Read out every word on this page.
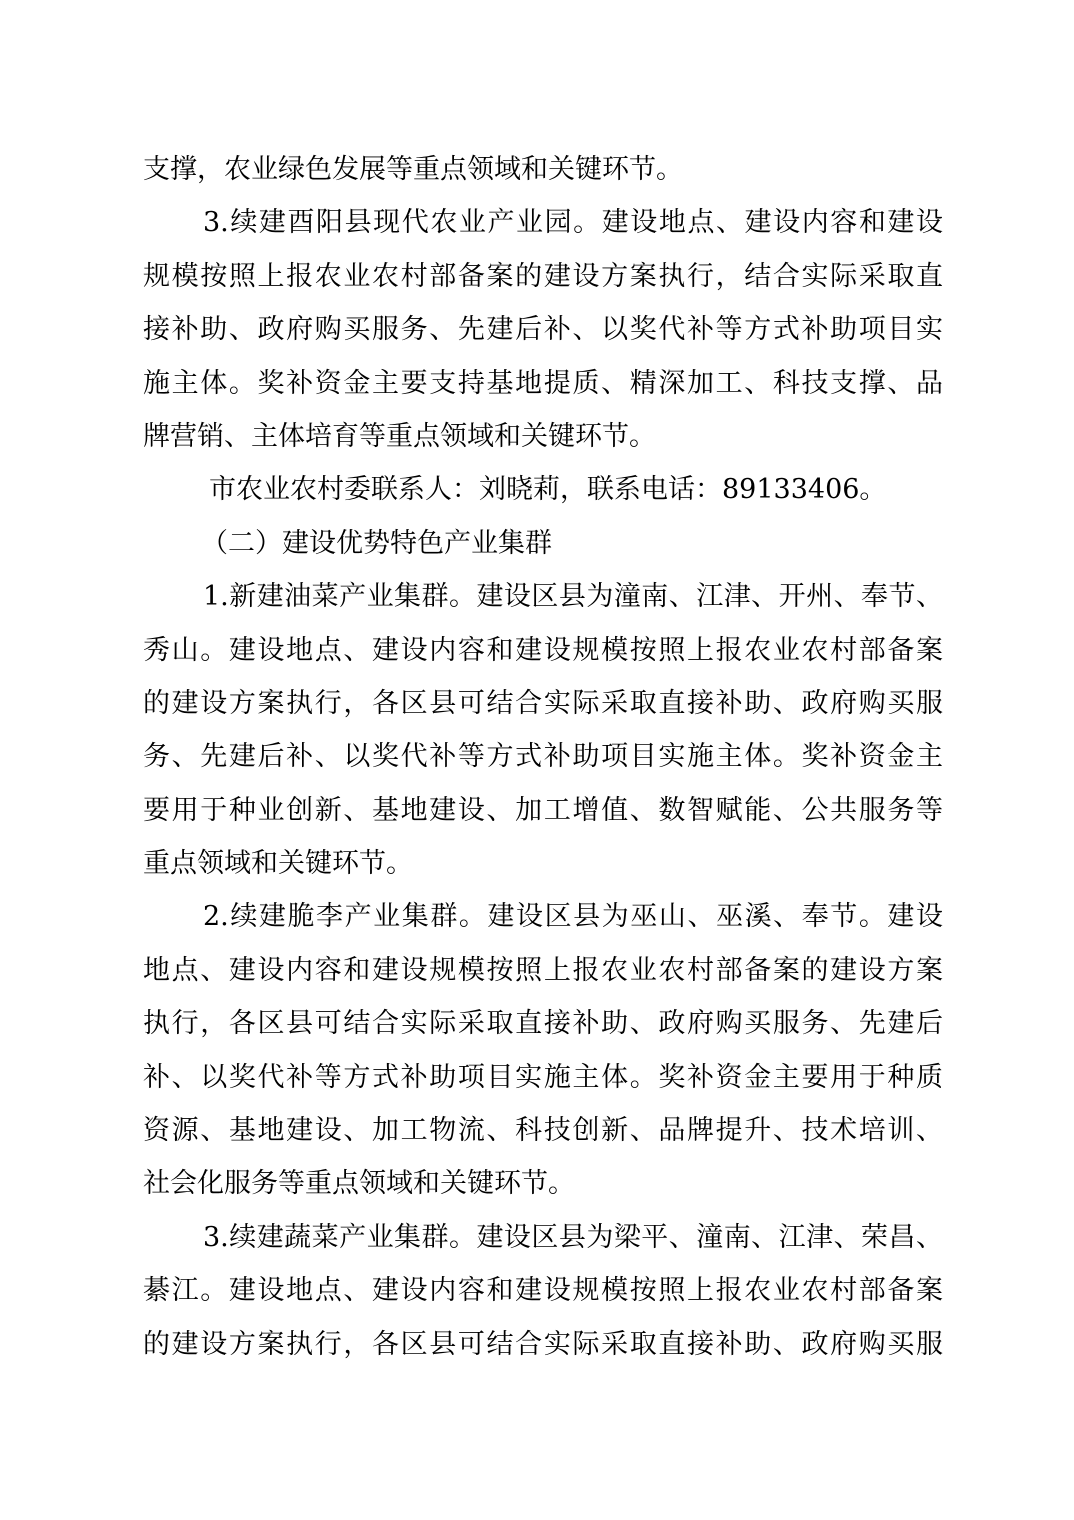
支撑，农业绿色发展等重点领域和关键环节。
3.续建酉阳县现代农业产业园。建设地点、建设内容和建设
规模按照上报农业农村部备案的建设方案执行，结合实际采取直
接补助、政府购买服务、先建后补、以奖代补等方式补助项目实
施主体。奖补资金主要支持基地提质、精深加工、科技支撑、品
牌营销、主体培育等重点领域和关键环节。
市农业农村委联系人：刘晓莉，联系电话：89133406。
（二）建设优势特色产业集群
1.新建油菜产业集群。建设区县为潼南、江津、开州、奉节、
秀山。建设地点、建设内容和建设规模按照上报农业农村部备案
的建设方案执行，各区县可结合实际采取直接补助、政府购买服
务、先建后补、以奖代补等方式补助项目实施主体。奖补资金主
要用于种业创新、基地建设、加工增值、数智赋能、公共服务等
重点领域和关键环节。
2.续建脆李产业集群。建设区县为巫山、巫溪、奉节。建设
地点、建设内容和建设规模按照上报农业农村部备案的建设方案
执行，各区县可结合实际采取直接补助、政府购买服务、先建后
补、以奖代补等方式补助项目实施主体。奖补资金主要用于种质
资源、基地建设、加工物流、科技创新、品牌提升、技术培训、
社会化服务等重点领域和关键环节。
3.续建蔬菜产业集群。建设区县为梁平、潼南、江津、荣昌、
綦江。建设地点、建设内容和建设规模按照上报农业农村部备案
的建设方案执行，各区县可结合实际采取直接补助、政府购买服
